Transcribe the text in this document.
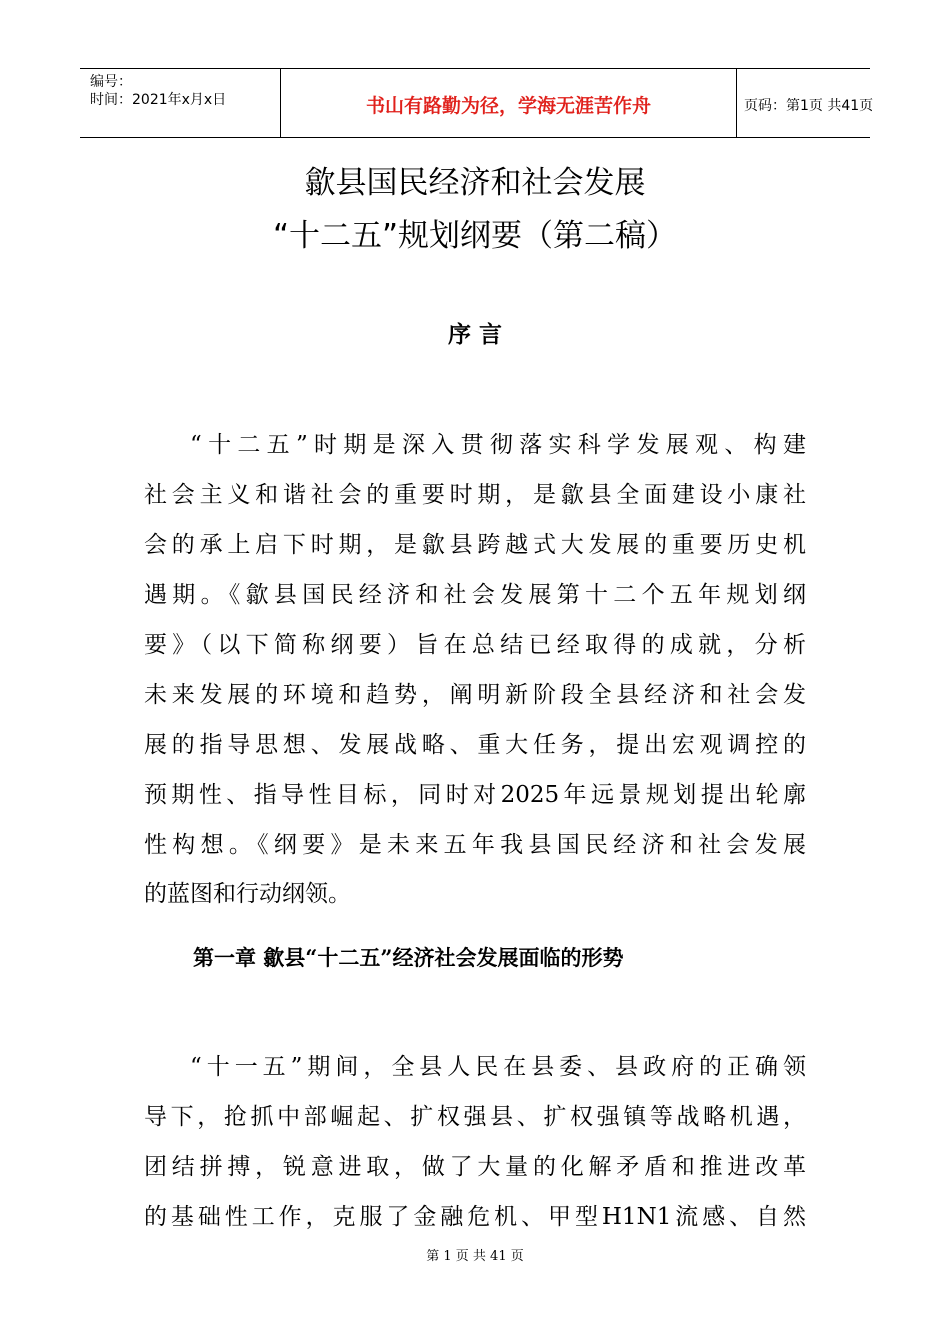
编号：
时间：2021年x月x日	书山有路勤为径，学海无涯苦作舟	页码：第1页 共41页
歙县国民经济和社会发展
“十二五”规划纲要（第二稿）
序 言
“十二五”时期是深入贯彻落实科学发展观、构建
社会主义和谐社会的重要时期，是歙县全面建设小康社
会的承上启下时期，是歙县跨越式大发展的重要历史机
遇期。《歙县国民经济和社会发展第十二个五年规划纲
要》（以下简称纲要）旨在总结已经取得的成就，分析
未来发展的环境和趋势，阐明新阶段全县经济和社会发
展的指导思想、发展战略、重大任务，提出宏观调控的
预期性、指导性目标，同时对2025年远景规划提出轮廓
性构想。《纲要》是未来五年我县国民经济和社会发展
的蓝图和行动纲领。
第一章 歙县“十二五”经济社会发展面临的形势
“十一五”期间，全县人民在县委、县政府的正确领
导下，抢抓中部崛起、扩权强县、扩权强镇等战略机遇，
团结拼搏，锐意进取，做了大量的化解矛盾和推进改革
的基础性工作，克服了金融危机、甲型H1N1流感、自然
第 1 页 共 41 页
